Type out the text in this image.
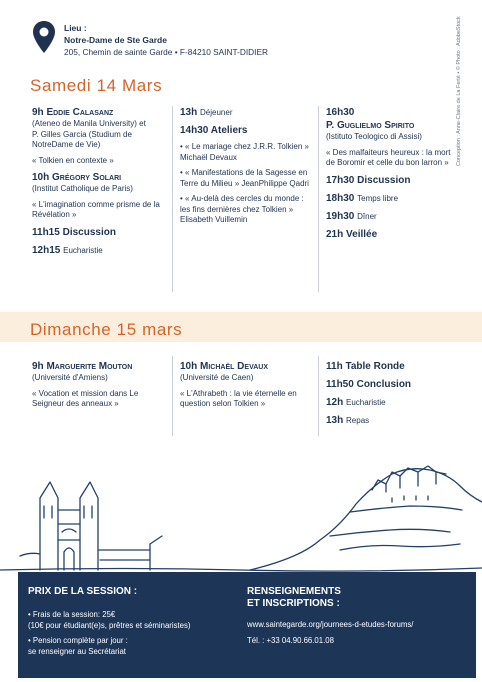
Lieu :
Notre-Dame de Ste Garde
205, Chemin de sainte Garde • F-84210 SAINT-DIDIER
Samedi 14 Mars
9h Eddie Calasanz
(Ateneo de Manila University) et
P. Gilles Garcia (Studium de NotreDame de Vie)
« Tolkien en contexte »
10h Grégory Solari
(Institut Catholique de Paris)
« L'imagination comme prisme de la Révélation »
11h15 Discussion
12h15 Eucharistie
13h Déjeuner
14h30 Ateliers
• « Le mariage chez J.R.R. Tolkien » Michaël Devaux
• « Manifestations de la Sagesse en Terre du Milieu » JeanPhilippe Qadri
• « Au-delà des cercles du monde : les fins dernières chez Tolkien » Elisabeth Vuillemin
16h30
P. Guglielmo Spirito
(Istituto Teologico di Assisi)
« Des malfaiteurs heureux : la mort de Boromir et celle du bon larron »
17h30 Discussion
18h30 Temps libre
19h30 Dîner
21h Veillée
Conception : Anne-Claire de La Ferté • © Photo : AdobeStock
Dimanche 15 mars
9h Marguerite Mouton
(Université d'Amiens)
« Vocation et mission dans Le Seigneur des anneaux »
10h Michaël Devaux
(Université de Caen)
« L'Athrabeth : la vie éternelle en question selon Tolkien »
11h Table Ronde
11h50 Conclusion
12h Eucharistie
13h Repas
PRIX DE LA SESSION :
• Frais de la session: 25€
(10€ pour étudiant(e)s, prêtres et séminaristes)
• Pension complète par jour :
se renseigner au Secrétariat
RENSEIGNEMENTS
ET INSCRIPTIONS :
www.saintegarde.org/journees-d-etudes-forums/
Tél. : +33 04.90.66.01.08
